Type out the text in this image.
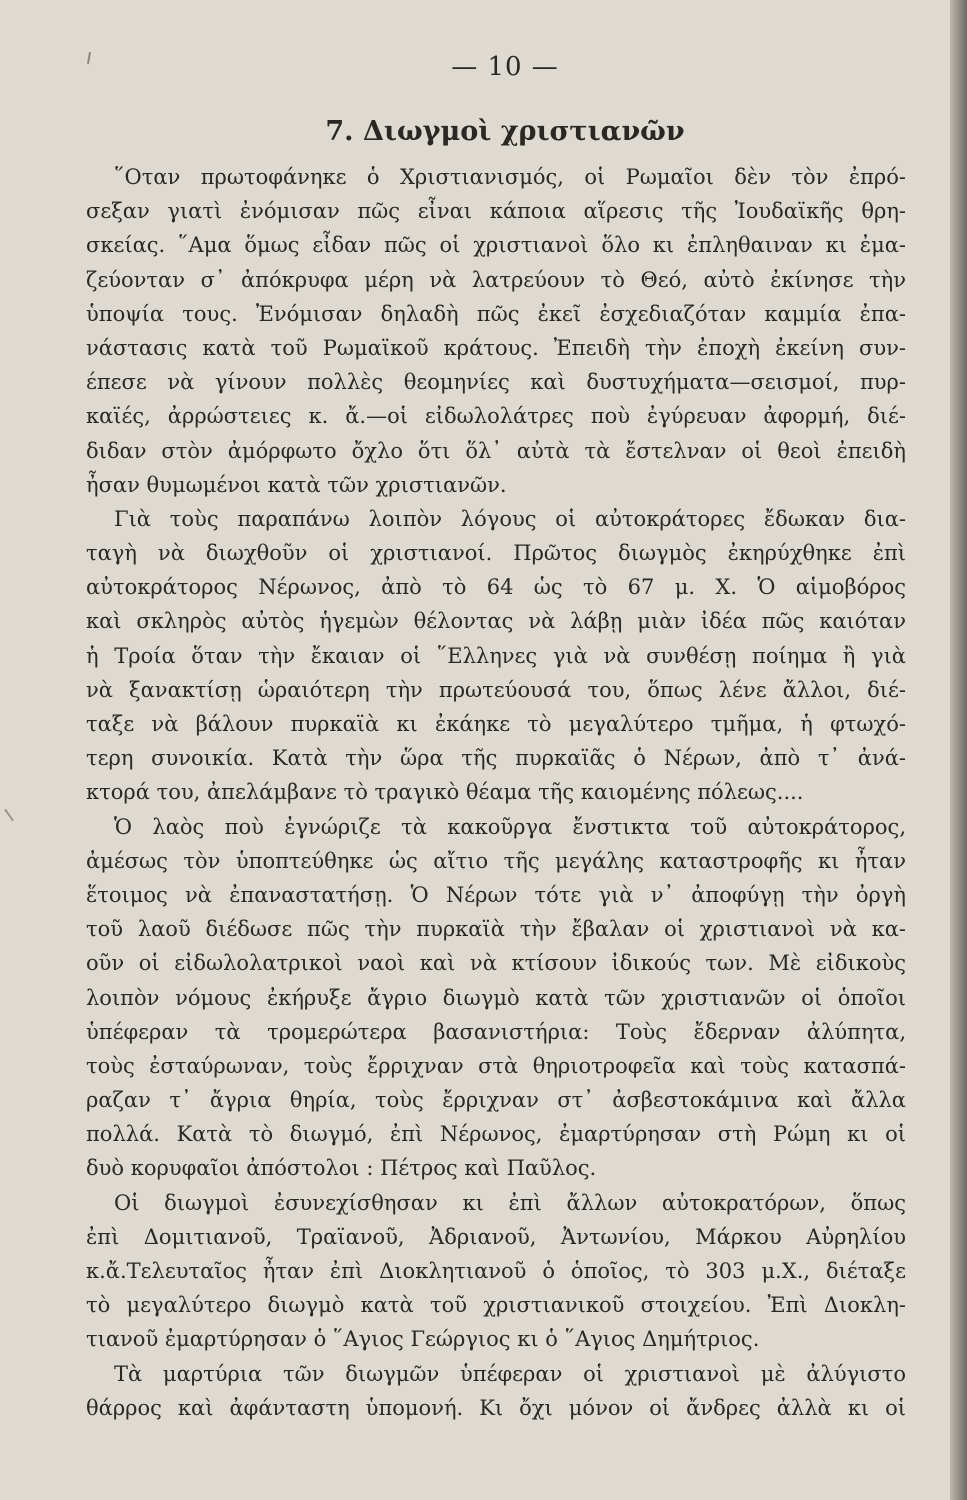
— 10 —
7. Διωγμοὶ χριστιανῶν
῞Οταν πρωτοφάνηκε ὁ Χριστιανισμός, οἱ Ρωμαῖοι δὲν τὸν ἐπρό-
σεξαν γιατὶ ἐνόμισαν πῶς εἶναι κάποια αἵρεσις τῆς Ἰουδαϊκῆς θρη-
σκείας. ῞Αμα ὅμως εἶδαν πῶς οἱ χριστιανοὶ ὅλο κι ἐπληθαιναν κι ἐμα-
ζεύονταν σ᾿ ἀπόκρυφα μέρη νὰ λατρεύουν τὸ Θεό, αὐτὸ ἐκίνησε τὴν
ὑποψία τους. Ἐνόμισαν δηλαδὴ πῶς ἐκεῖ ἐσχεδιαζόταν καμμία ἐπα-
νάστασις κατὰ τοῦ Ρωμαϊκοῦ κράτους. Ἐπειδὴ τὴν ἐποχὴ ἐκείνη συν-
έπεσε νὰ γίνουν πολλὲς θεομηνίες καὶ δυστυχήματα—σεισμοί, πυρ-
καϊές, ἀρρώστειες κ. ἄ.—οἱ εἰδωλολάτρες ποὺ ἐγύρευαν ἀφορμή, διέ-
διδαν στὸν ἀμόρφωτο ὄχλο ὅτι ὅλ᾿ αὐτὰ τὰ ἔστελναν οἱ θεοὶ ἐπειδὴ
ἦσαν θυμωμένοι κατὰ τῶν χριστιανῶν.
Γιὰ τοὺς παραπάνω λοιπὸν λόγους οἱ αὐτοκράτορες ἔδωκαν δια-
ταγὴ νὰ διωχθοῦν οἱ χριστιανοί. Πρῶτος διωγμὸς ἐκηρύχθηκε ἐπὶ
αὐτοκράτορος Νέρωνος, ἀπὸ τὸ 64 ὡς τὸ 67 μ. Χ. Ὁ αἱμοβόρος
καὶ σκληρὸς αὐτὸς ἡγεμὼν θέλοντας νὰ λάβῃ μιὰν ἰδέα πῶς καιόταν
ἡ Τροία ὅταν τὴν ἔκαιαν οἱ ῞Ελληνες γιὰ νὰ συνθέσῃ ποίημα ἢ γιὰ
νὰ ξανακτίσῃ ὡραιότερη τὴν πρωτεύουσά του, ὅπως λένε ἄλλοι, διέ-
ταξε νὰ βάλουν πυρκαϊὰ κι ἐκάηκε τὸ μεγαλύτερο τμῆμα, ἡ φτωχό-
τερη συνοικία. Κατὰ τὴν ὥρα τῆς πυρκαϊᾶς ὁ Νέρων, ἀπὸ τ᾿ ἀνά-
κτορά του, ἀπελάμβανε τὸ τραγικὸ θέαμα τῆς καιομένης πόλεως....
Ὁ λαὸς ποὺ ἐγνώριζε τὰ κακοῦργα ἔνστικτα τοῦ αὐτοκράτορος,
ἀμέσως τὸν ὑποπτεύθηκε ὡς αἴτιο τῆς μεγάλης καταστροφῆς κι ἦταν
ἕτοιμος νὰ ἐπαναστατήσῃ. Ὁ Νέρων τότε γιὰ ν᾿ ἀποφύγῃ τὴν ὀργὴ
τοῦ λαοῦ διέδωσε πῶς τὴν πυρκαϊὰ τὴν ἔβαλαν οἱ χριστιανοὶ νὰ κα-
οῦν οἱ εἰδωλολατρικοὶ ναοὶ καὶ νὰ κτίσουν ἰδικούς των. Μὲ εἰδικοὺς
λοιπὸν νόμους ἐκήρυξε ἄγριο διωγμὸ κατὰ τῶν χριστιανῶν οἱ ὁποῖοι
ὑπέφεραν τὰ τρομερώτερα βασανιστήρια: Τοὺς ἔδερναν ἀλύπητα,
τοὺς ἐσταύρωναν, τοὺς ἔρριχναν στὰ θηριοτροφεῖα καὶ τοὺς κατασπά-
ραζαν τ᾿ ἄγρια θηρία, τοὺς ἔρριχναν στ᾿ ἀσβεστοκάμινα καὶ ἄλλα
πολλά. Κατὰ τὸ διωγμό, ἐπὶ Νέρωνος, ἐμαρτύρησαν στὴ Ρώμη κι οἱ
δυὸ κορυφαῖοι ἀπόστολοι : Πέτρος καὶ Παῦλος.
Οἱ διωγμοὶ ἐσυνεχίσθησαν κι ἐπὶ ἄλλων αὐτοκρατόρων, ὅπως
ἐπὶ Δομιτιανοῦ, Τραϊανοῦ, Ἀδριανοῦ, Ἀντωνίου, Μάρκου Αὐρηλίου
κ.ἄ.Τελευταῖος ἦταν ἐπὶ Διοκλητιανοῦ ὁ ὁποῖος, τὸ 303 μ.Χ., διέταξε
τὸ μεγαλύτερο διωγμὸ κατὰ τοῦ χριστιανικοῦ στοιχείου. Ἐπὶ Διοκλη-
τιανοῦ ἐμαρτύρησαν ὁ ῞Αγιος Γεώργιος κι ὁ ῞Αγιος Δημήτριος.
Τὰ μαρτύρια τῶν διωγμῶν ὑπέφεραν οἱ χριστιανοὶ μὲ ἀλύγιστο
θάρρος καὶ ἀφάνταστη ὑπομονή. Κι ὄχι μόνον οἱ ἄνδρες ἀλλὰ κι οἱ
